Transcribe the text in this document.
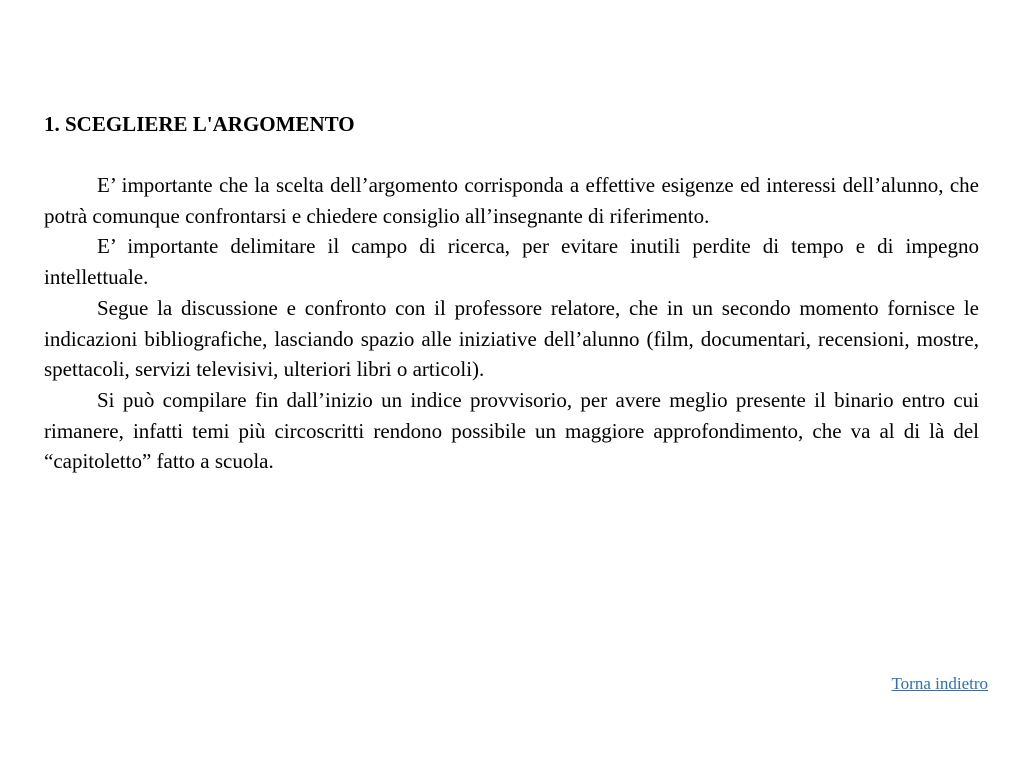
1. SCEGLIERE L'ARGOMENTO

E’ importante che la scelta dell’argomento corrisponda a effettive esigenze ed interessi dell’alunno, che potrà comunque confrontarsi e chiedere consiglio all’insegnante di riferimento.

E’ importante delimitare il campo di ricerca, per evitare inutili perdite di tempo e di impegno intellettuale.

Segue la discussione e confronto con il professore relatore, che in un secondo momento fornisce le indicazioni bibliografiche, lasciando spazio alle iniziative dell’alunno (film, documentari, recensioni, mostre, spettacoli, servizi televisivi, ulteriori libri o articoli).

Si può compilare fin dall’inizio un indice provvisorio, per avere meglio presente il binario entro cui rimanere, infatti temi più circoscritti rendono possibile un maggiore approfondimento, che va al di là del “capitoletto” fatto a scuola.

Torna indietro
